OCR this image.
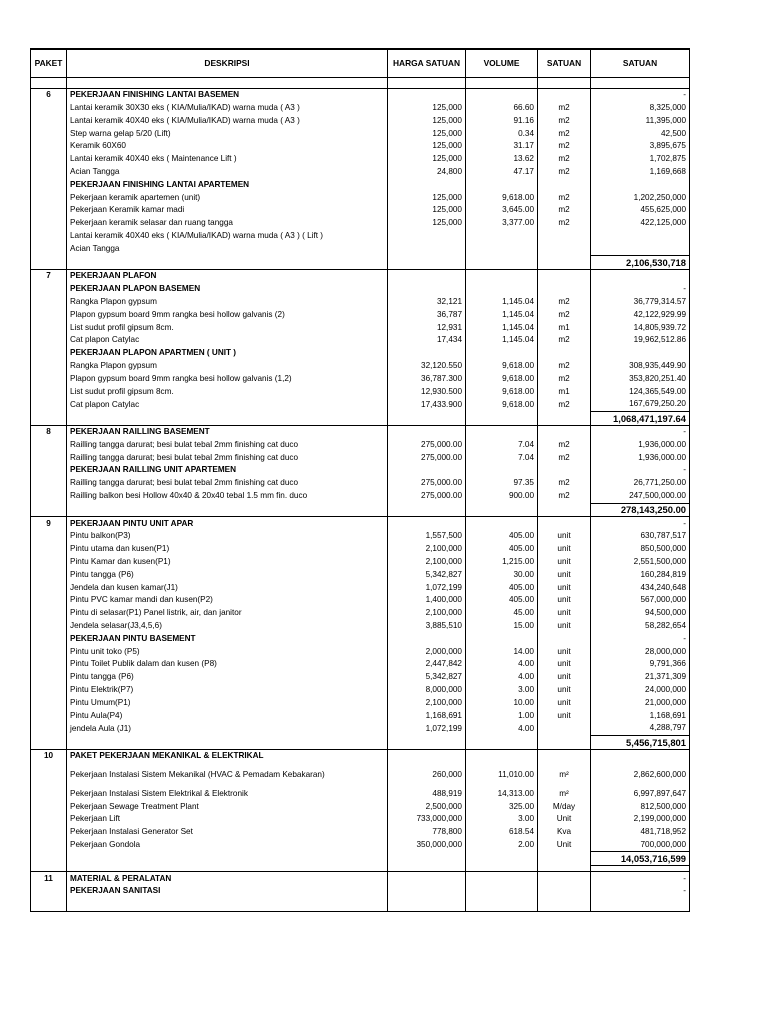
PAKET	DESKRIPSI	HARGA SATUAN	VOLUME	SATUAN	SATUAN

6	PEKERJAAN FINISHING LANTAI BASEMEN				-
	Lantai keramik 30X30 eks ( KIA/Mulia/IKAD) warna muda ( A3 )	125,000	66.60	m2	8,325,000
	Lantai keramik 40X40 eks ( KIA/Mulia/IKAD) warna muda ( A3 )	125,000	91.16	m2	11,395,000
	Step warna gelap 5/20 (Lift)	125,000	0.34	m2	42,500
	Keramik 60X60	125,000	31.17	m2	3,895,675
	Lantai keramik 40X40 eks ( Maintenance Lift )	125,000	13.62	m2	1,702,875
	Acian Tangga	24,800	47.17	m2	1,169,668
	PEKERJAAN FINISHING LANTAI APARTEMEN				
	Pekerjaan keramik apartemen (unit)	125,000	9,618.00	m2	1,202,250,000
	Pekerjaan Keramik kamar madi	125,000	3,645.00	m2	455,625,000
	Pekerjaan keramik selasar dan ruang tangga	125,000	3,377.00	m2	422,125,000
	Lantai keramik 40X40 eks ( KIA/Mulia/IKAD) warna muda ( A3 ) ( Lift )				
	Acian Tangga				
					2,106,530,718
7	PEKERJAAN PLAFON				
	PEKERJAAN PLAPON BASEMEN				-
	Rangka Plapon gypsum	32,121	1,145.04	m2	36,779,314.57
	Plapon gypsum board 9mm rangka besi hollow galvanis (2)	36,787	1,145.04	m2	42,122,929.99
	List sudut profil gipsum 8cm.	12,931	1,145.04	m1	14,805,939.72
	Cat plapon Catylac	17,434	1,145.04	m2	19,962,512.86
	PEKERJAAN PLAPON APARTMEN ( UNIT )				
	Rangka Plapon gypsum	32,120.550	9,618.00	m2	308,935,449.90
	Plapon gypsum board 9mm rangka besi hollow galvanis (1,2)	36,787.300	9,618.00	m2	353,820,251.40
	List sudut profil gipsum 8cm.	12,930.500	9,618.00	m1	124,365,549.00
	Cat plapon Catylac	17,433.900	9,618.00	m2	167,679,250.20
					1,068,471,197.64
8	PEKERJAAN RAILLING BASEMENT				-
	Railling tangga darurat; besi bulat tebal 2mm finishing cat duco	275,000.00	7.04	m2	1,936,000.00
	Railling tangga darurat; besi bulat tebal 2mm finishing cat duco	275,000.00	7.04	m2	1,936,000.00
	PEKERJAAN RAILLING UNIT APARTEMEN				-
	Railling tangga darurat; besi bulat tebal 2mm finishing cat duco	275,000.00	97.35	m2	26,771,250.00
	Railling balkon besi Hollow 40x40 & 20x40 tebal 1.5 mm fin. duco	275,000.00	900.00	m2	247,500,000.00
					278,143,250.00
9	PEKERJAAN PINTU UNIT APAR				-
	Pintu balkon(P3)	1,557,500	405.00	unit	630,787,517
	Pintu utama dan kusen(P1)	2,100,000	405.00	unit	850,500,000
	Pintu Kamar dan kusen(P1)	2,100,000	1,215.00	unit	2,551,500,000
	Pintu tangga (P6)	5,342,827	30.00	unit	160,284,819
	Jendela dan kusen kamar(J1)	1,072,199	405.00	unit	434,240,648
	Pintu PVC kamar mandi dan kusen(P2)	1,400,000	405.00	unit	567,000,000
	Pintu di selasar(P1) Panel listrik, air, dan janitor	2,100,000	45.00	unit	94,500,000
	Jendela selasar(J3,4,5,6)	3,885,510	15.00	unit	58,282,654
	PEKERJAAN PINTU BASEMENT				-
	Pintu unit toko (P5)	2,000,000	14.00	unit	28,000,000
	Pintu Toilet Publik dalam dan kusen (P8)	2,447,842	4.00	unit	9,791,366
	Pintu tangga (P6)	5,342,827	4.00	unit	21,371,309
	Pintu Elektrik(P7)	8,000,000	3.00	unit	24,000,000
	Pintu Umum(P1)	2,100,000	10.00	unit	21,000,000
	Pintu Aula(P4)	1,168,691	1.00	unit	1,168,691
	jendela Aula (J1)	1,072,199	4.00		4,288,797
					5,456,715,801
10	PAKET PEKERJAAN MEKANIKAL & ELEKTRIKAL				
	Pekerjaan Instalasi Sistem Mekanikal (HVAC & Pemadam Kebakaran)	260,000	11,010.00	m²	2,862,600,000
	Pekerjaan Instalasi Sistem Elektrikal & Elektronik	488,919	14,313.00	m²	6,997,897,647
	Pekerjaan Sewage Treatment Plant	2,500,000	325.00	M/day	812,500,000
	Pekerjaan Lift	733,000,000	3.00	Unit	2,199,000,000
	Pekerjaan Instalasi Generator Set	778,800	618.54	Kva	481,718,952
	Pekerjaan Gondola	350,000,000	2.00	Unit	700,000,000
					14,053,716,599

11	MATERIAL & PERALATAN				-
	PEKERJAAN SANITASI				-
